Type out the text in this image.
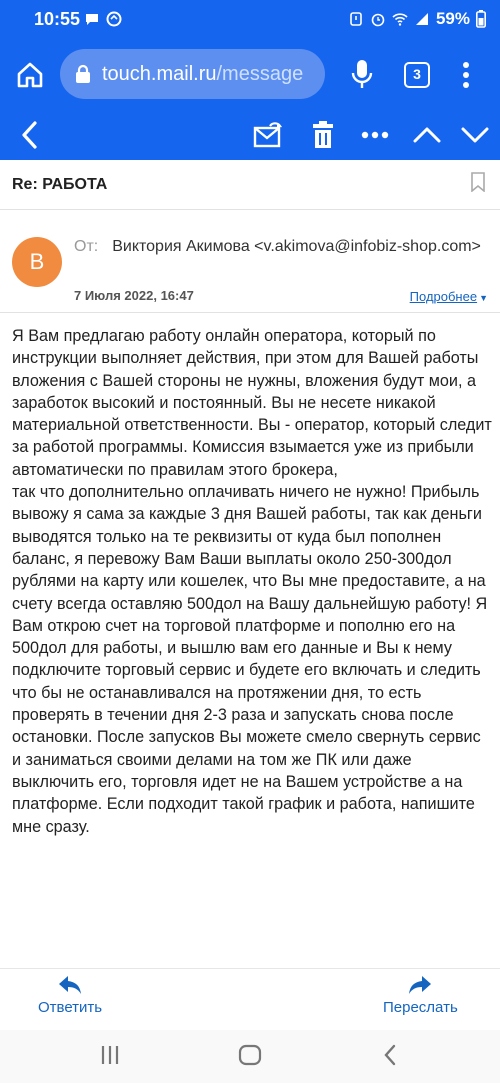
10:55	59%
touch.mail.ru/message	3
Re: РАБОТА
В
От: Виктория Акимова <v.akimova@infobiz-shop.com>
7 Июля 2022, 16:47	Подробнее ▼
Я Вам предлагаю работу онлайн оператора, который по инструкции выполняет действия, при этом для Вашей работы вложения с Вашей стороны не нужны, вложения будут мои, а заработок высокий и постоянный. Вы не несете никакой материальной ответственности. Вы - оператор, который следит за работой программы. Комиссия взымается уже из прибыли автоматически по правилам этого брокера,
так что дополнительно оплачивать ничего не нужно! Прибыль вывожу я сама за каждые 3 дня Вашей работы, так как деньги выводятся только на те реквизиты от куда был пополнен баланс, я перевожу Вам Ваши выплаты около 250-300дол рублями на карту или кошелек, что Вы мне предоставите, а на счету всегда оставляю 500дол на Вашу дальнейшую работу! Я Вам открою счет на торговой платформе и пополню его на 500дол для работы, и вышлю вам его данные и Вы к нему подключите торговый сервис и будете его включать и следить что бы не останавливался на протяжении дня, то есть проверять в течении дня 2-3 раза и запускать снова после остановки. После запусков Вы можете смело свернуть сервис и заниматься своими делами на том же ПК или даже выключить его, торговля идет не на Вашем устройстве а на платформе. Если подходит такой график и работа, напишите мне сразу.
Ответить	Переслать
